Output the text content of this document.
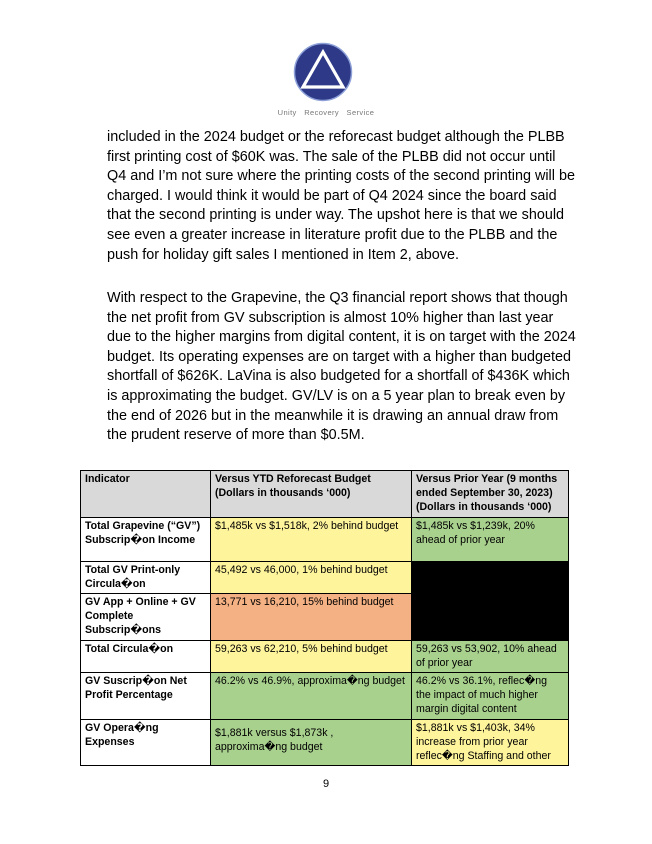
Unity Recovery Service

included in the 2024 budget or the reforecast budget although the PLBB first printing cost of $60K was. The sale of the PLBB did not occur until Q4 and I’m not sure where the printing costs of the second printing will be charged. I would think it would be part of Q4 2024 since the board said that the second printing is under way. The upshot here is that we should see even a greater increase in literature profit due to the PLBB and the push for holiday gift sales I mentioned in Item 2, above.

With respect to the Grapevine, the Q3 financial report shows that though the net profit from GV subscription is almost 10% higher than last year due to the higher margins from digital content, it is on target with the 2024 budget. Its operating expenses are on target with a higher than budgeted shortfall of $626K. LaVina is also budgeted for a shortfall of $436K which is approximating the budget. GV/LV is on a 5 year plan to break even by the end of 2026 but in the meanwhile it is drawing an annual draw from the prudent reserve of more than $0.5M.

Indicator	Versus YTD Reforecast Budget (Dollars in thousands ‘000)	Versus Prior Year (9 months ended September 30, 2023) (Dollars in thousands ‘000)
Total Grapevine (“GV”) Subscrip�on Income	$1,485k vs $1,518k, 2% behind budget	$1,485k vs $1,239k, 20% ahead of prior year
Total GV Print-only Circula�on	45,492 vs 46,000, 1% behind budget	
GV App + Online + GV Complete Subscrip�ons	13,771 vs 16,210, 15% behind budget	
Total Circula�on	59,263 vs 62,210, 5% behind budget	59,263 vs 53,902, 10% ahead of prior year
GV Suscrip�on Net Profit Percentage	46.2% vs 46.9%, approxima�ng budget	46.2% vs 36.1%, reflec�ng the impact of much higher margin digital content
GV Opera�ng Expenses	$1,881k versus $1,873k , approxima�ng budget	$1,881k vs $1,403k, 34% increase from prior year reflec�ng Staffing and other
9
